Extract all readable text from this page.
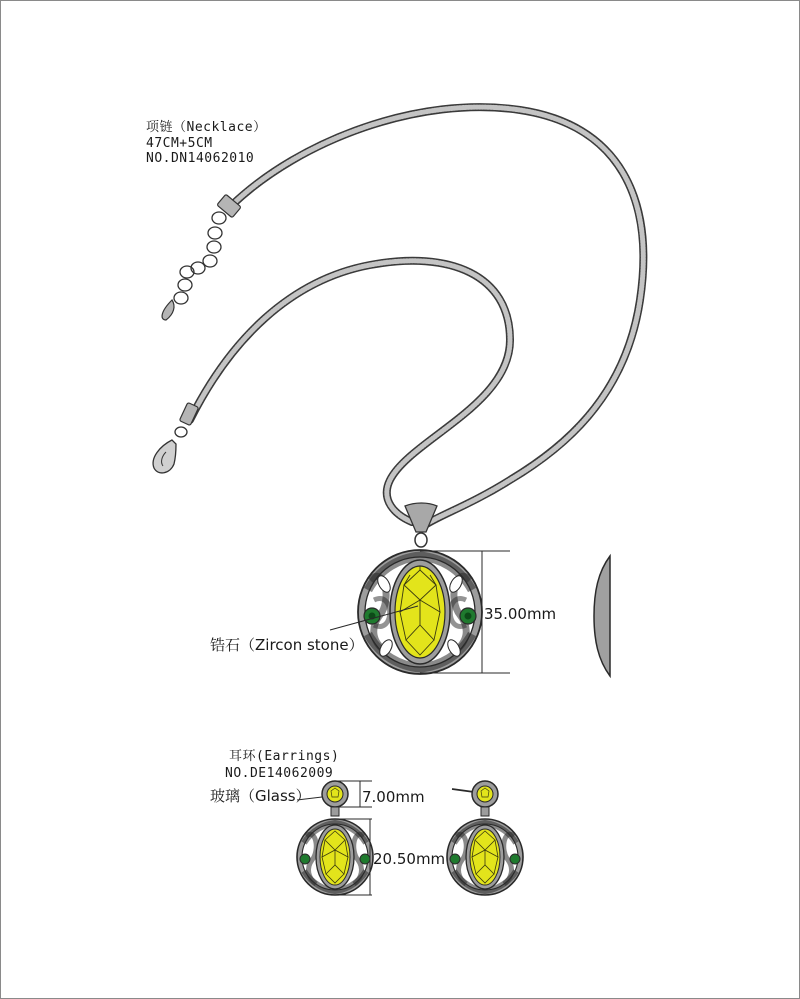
项链（Necklace）
47CM+5CM
NO.DN14062010
35.00mm
锆石（Zircon stone）
耳环(Earrings)
NO.DE14062009
玻璃（Glass）	7.00mm
20.50mm
